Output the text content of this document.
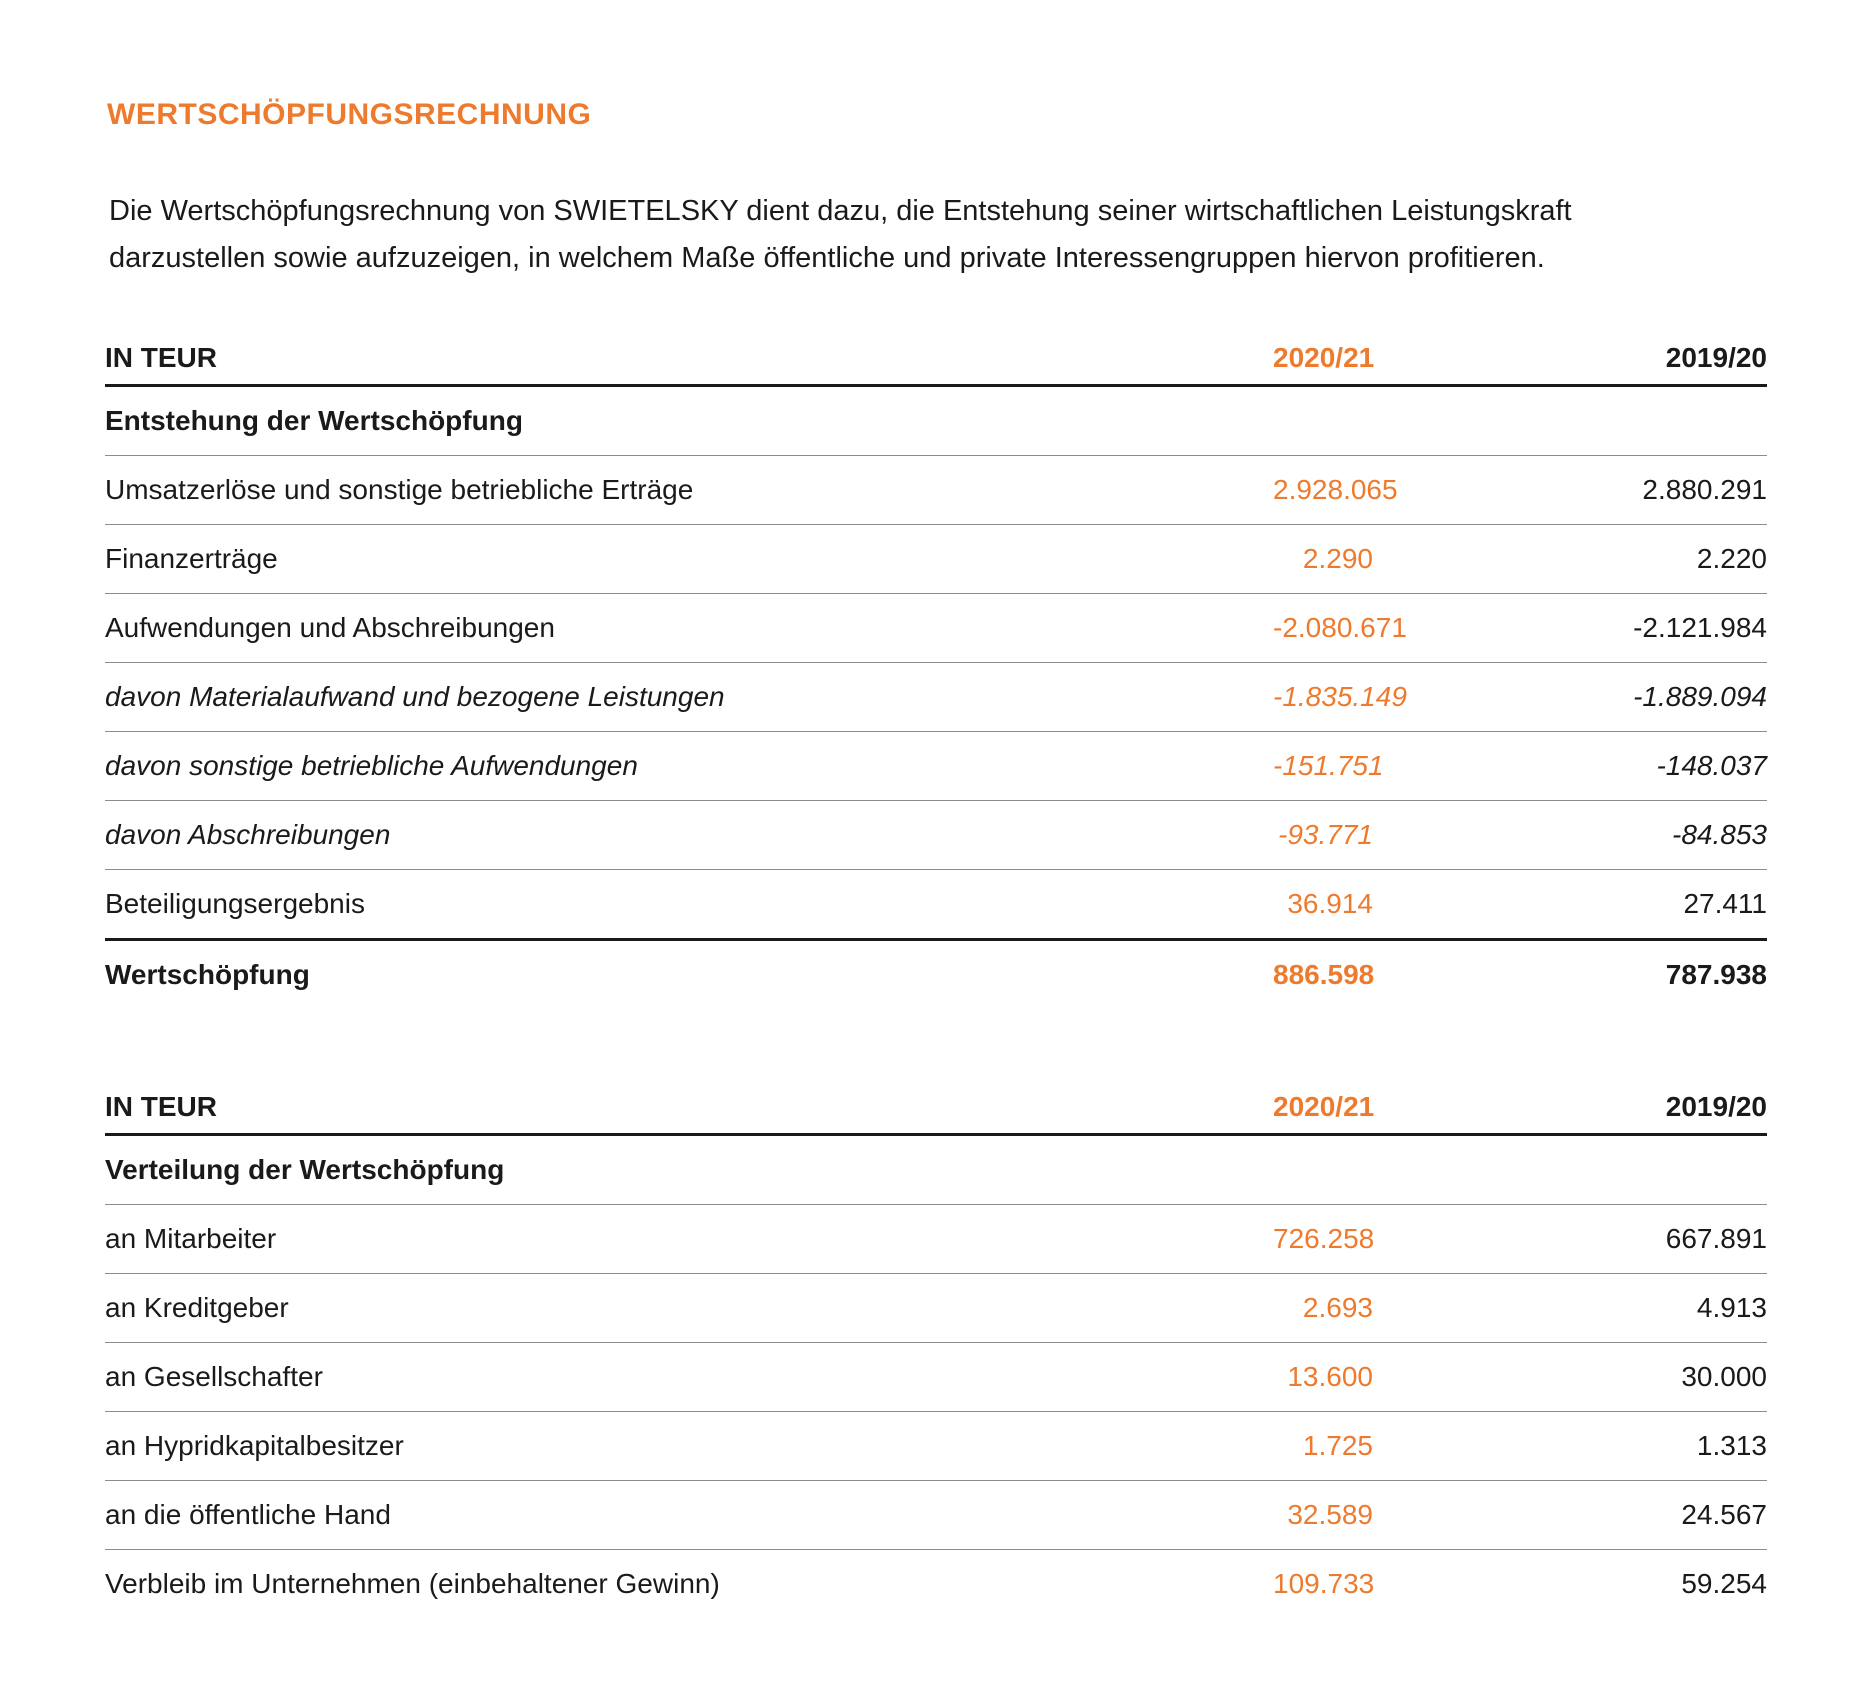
WERTSCHÖPFUNGSRECHNUNG
Die Wertschöpfungsrechnung von SWIETELSKY dient dazu, die Entstehung seiner wirtschaftlichen Leistungskraft
darzustellen sowie aufzuzeigen, in welchem Maße öffentliche und private Interessengruppen hiervon profitieren.
IN TEUR	2020/21	2019/20
Entstehung der Wertschöpfung
Umsatzerlöse und sonstige betriebliche Erträge	2.928.065	2.880.291
Finanzerträge	2.290	2.220
Aufwendungen und Abschreibungen	-2.080.671	-2.121.984
davon Materialaufwand und bezogene Leistungen	-1.835.149	-1.889.094
davon sonstige betriebliche Aufwendungen	-151.751	-148.037
davon Abschreibungen	-93.771	-84.853
Beteiligungsergebnis	36.914	27.411
Wertschöpfung	886.598	787.938
IN TEUR	2020/21	2019/20
Verteilung der Wertschöpfung
an Mitarbeiter	726.258	667.891
an Kreditgeber	2.693	4.913
an Gesellschafter	13.600	30.000
an Hypridkapitalbesitzer	1.725	1.313
an die öffentliche Hand	32.589	24.567
Verbleib im Unternehmen (einbehaltener Gewinn)	109.733	59.254
